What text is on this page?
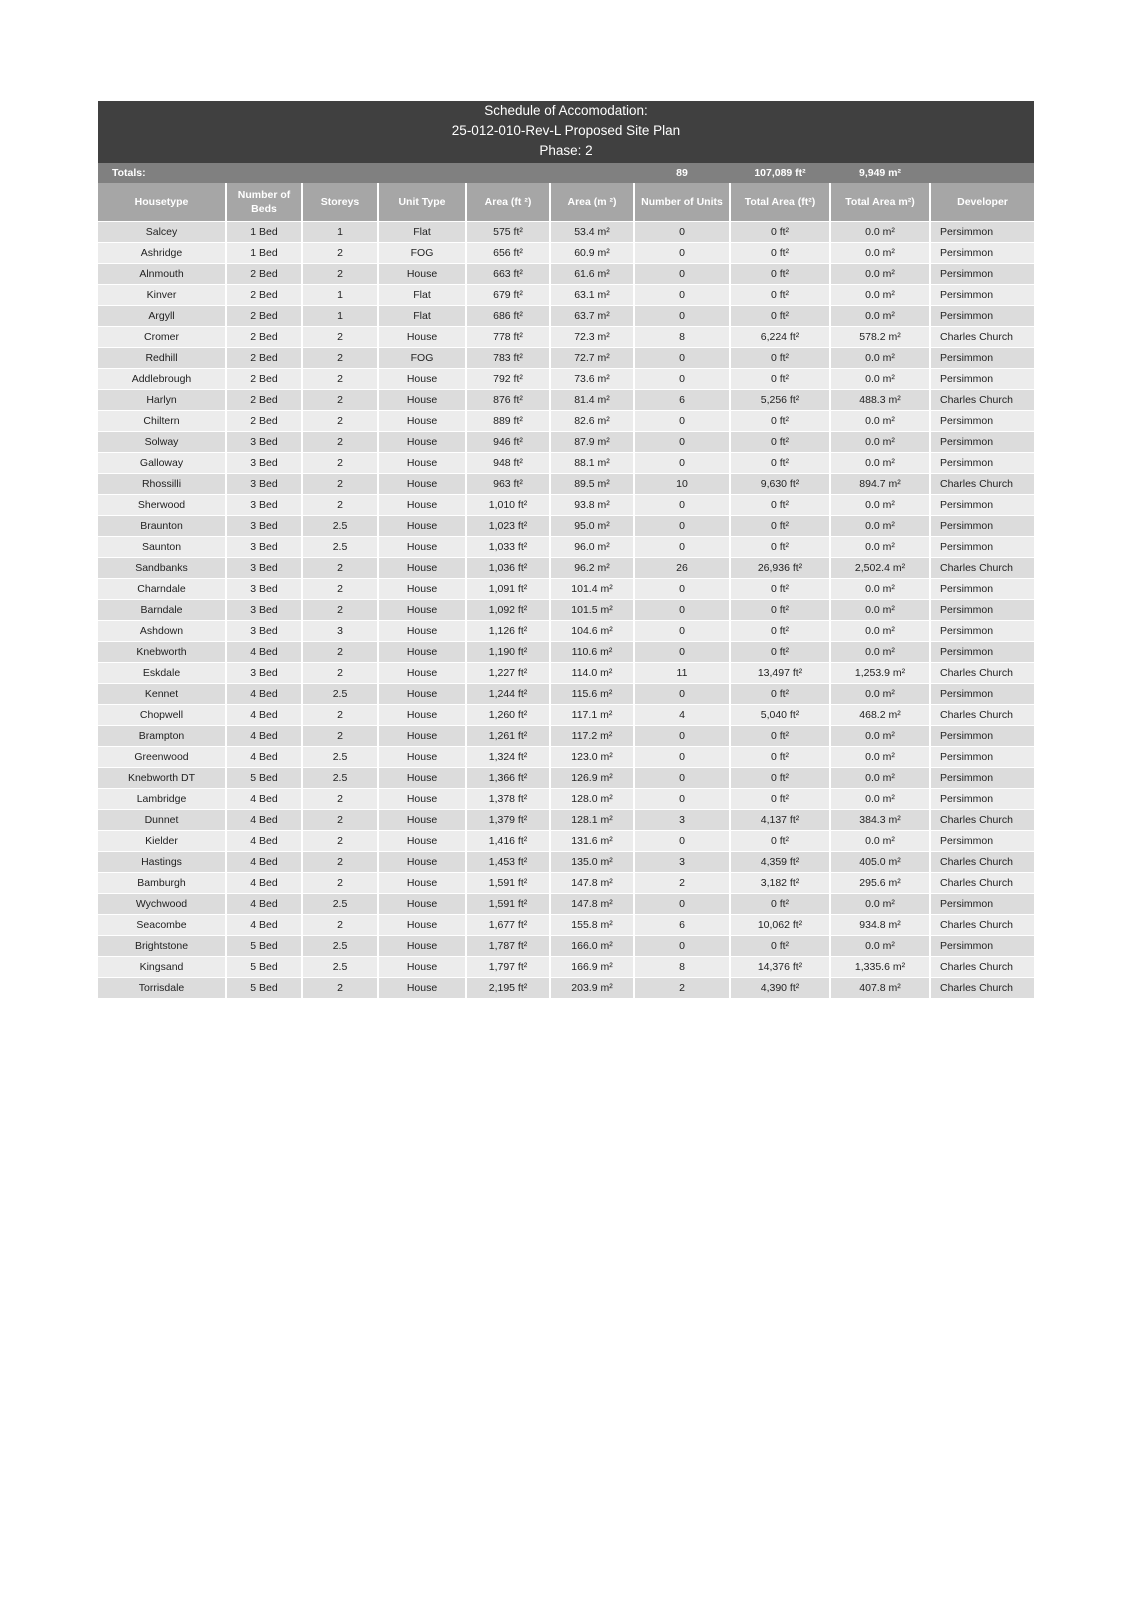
Schedule of Accomodation:
25-012-010-Rev-L Proposed Site Plan
Phase: 2
Totals:						89	107,089 ft²	9,949 m²	
Housetype	Number of Beds	Storeys	Unit Type	Area (ft ²)	Area (m ²)	Number of Units	Total Area (ft²)	Total Area m²)	Developer
Salcey	1 Bed	1	Flat	575 ft²	53.4 m²	0	0 ft²	0.0 m²	Persimmon
Ashridge	1 Bed	2	FOG	656 ft²	60.9 m²	0	0 ft²	0.0 m²	Persimmon
Alnmouth	2 Bed	2	House	663 ft²	61.6 m²	0	0 ft²	0.0 m²	Persimmon
Kinver	2 Bed	1	Flat	679 ft²	63.1 m²	0	0 ft²	0.0 m²	Persimmon
Argyll	2 Bed	1	Flat	686 ft²	63.7 m²	0	0 ft²	0.0 m²	Persimmon
Cromer	2 Bed	2	House	778 ft²	72.3 m²	8	6,224 ft²	578.2 m²	Charles Church
Redhill	2 Bed	2	FOG	783 ft²	72.7 m²	0	0 ft²	0.0 m²	Persimmon
Addlebrough	2 Bed	2	House	792 ft²	73.6 m²	0	0 ft²	0.0 m²	Persimmon
Harlyn	2 Bed	2	House	876 ft²	81.4 m²	6	5,256 ft²	488.3 m²	Charles Church
Chiltern	2 Bed	2	House	889 ft²	82.6 m²	0	0 ft²	0.0 m²	Persimmon
Solway	3 Bed	2	House	946 ft²	87.9 m²	0	0 ft²	0.0 m²	Persimmon
Galloway	3 Bed	2	House	948 ft²	88.1 m²	0	0 ft²	0.0 m²	Persimmon
Rhossilli	3 Bed	2	House	963 ft²	89.5 m²	10	9,630 ft²	894.7 m²	Charles Church
Sherwood	3 Bed	2	House	1,010 ft²	93.8 m²	0	0 ft²	0.0 m²	Persimmon
Braunton	3 Bed	2.5	House	1,023 ft²	95.0 m²	0	0 ft²	0.0 m²	Persimmon
Saunton	3 Bed	2.5	House	1,033 ft²	96.0 m²	0	0 ft²	0.0 m²	Persimmon
Sandbanks	3 Bed	2	House	1,036 ft²	96.2 m²	26	26,936 ft²	2,502.4 m²	Charles Church
Charndale	3 Bed	2	House	1,091 ft²	101.4 m²	0	0 ft²	0.0 m²	Persimmon
Barndale	3 Bed	2	House	1,092 ft²	101.5 m²	0	0 ft²	0.0 m²	Persimmon
Ashdown	3 Bed	3	House	1,126 ft²	104.6 m²	0	0 ft²	0.0 m²	Persimmon
Knebworth	4 Bed	2	House	1,190 ft²	110.6 m²	0	0 ft²	0.0 m²	Persimmon
Eskdale	3 Bed	2	House	1,227 ft²	114.0 m²	11	13,497 ft²	1,253.9 m²	Charles Church
Kennet	4 Bed	2.5	House	1,244 ft²	115.6 m²	0	0 ft²	0.0 m²	Persimmon
Chopwell	4 Bed	2	House	1,260 ft²	117.1 m²	4	5,040 ft²	468.2 m²	Charles Church
Brampton	4 Bed	2	House	1,261 ft²	117.2 m²	0	0 ft²	0.0 m²	Persimmon
Greenwood	4 Bed	2.5	House	1,324 ft²	123.0 m²	0	0 ft²	0.0 m²	Persimmon
Knebworth DT	5 Bed	2.5	House	1,366 ft²	126.9 m²	0	0 ft²	0.0 m²	Persimmon
Lambridge	4 Bed	2	House	1,378 ft²	128.0 m²	0	0 ft²	0.0 m²	Persimmon
Dunnet	4 Bed	2	House	1,379 ft²	128.1 m²	3	4,137 ft²	384.3 m²	Charles Church
Kielder	4 Bed	2	House	1,416 ft²	131.6 m²	0	0 ft²	0.0 m²	Persimmon
Hastings	4 Bed	2	House	1,453 ft²	135.0 m²	3	4,359 ft²	405.0 m²	Charles Church
Bamburgh	4 Bed	2	House	1,591 ft²	147.8 m²	2	3,182 ft²	295.6 m²	Charles Church
Wychwood	4 Bed	2.5	House	1,591 ft²	147.8 m²	0	0 ft²	0.0 m²	Persimmon
Seacombe	4 Bed	2	House	1,677 ft²	155.8 m²	6	10,062 ft²	934.8 m²	Charles Church
Brightstone	5 Bed	2.5	House	1,787 ft²	166.0 m²	0	0 ft²	0.0 m²	Persimmon
Kingsand	5 Bed	2.5	House	1,797 ft²	166.9 m²	8	14,376 ft²	1,335.6 m²	Charles Church
Torrisdale	5 Bed	2	House	2,195 ft²	203.9 m²	2	4,390 ft²	407.8 m²	Charles Church
